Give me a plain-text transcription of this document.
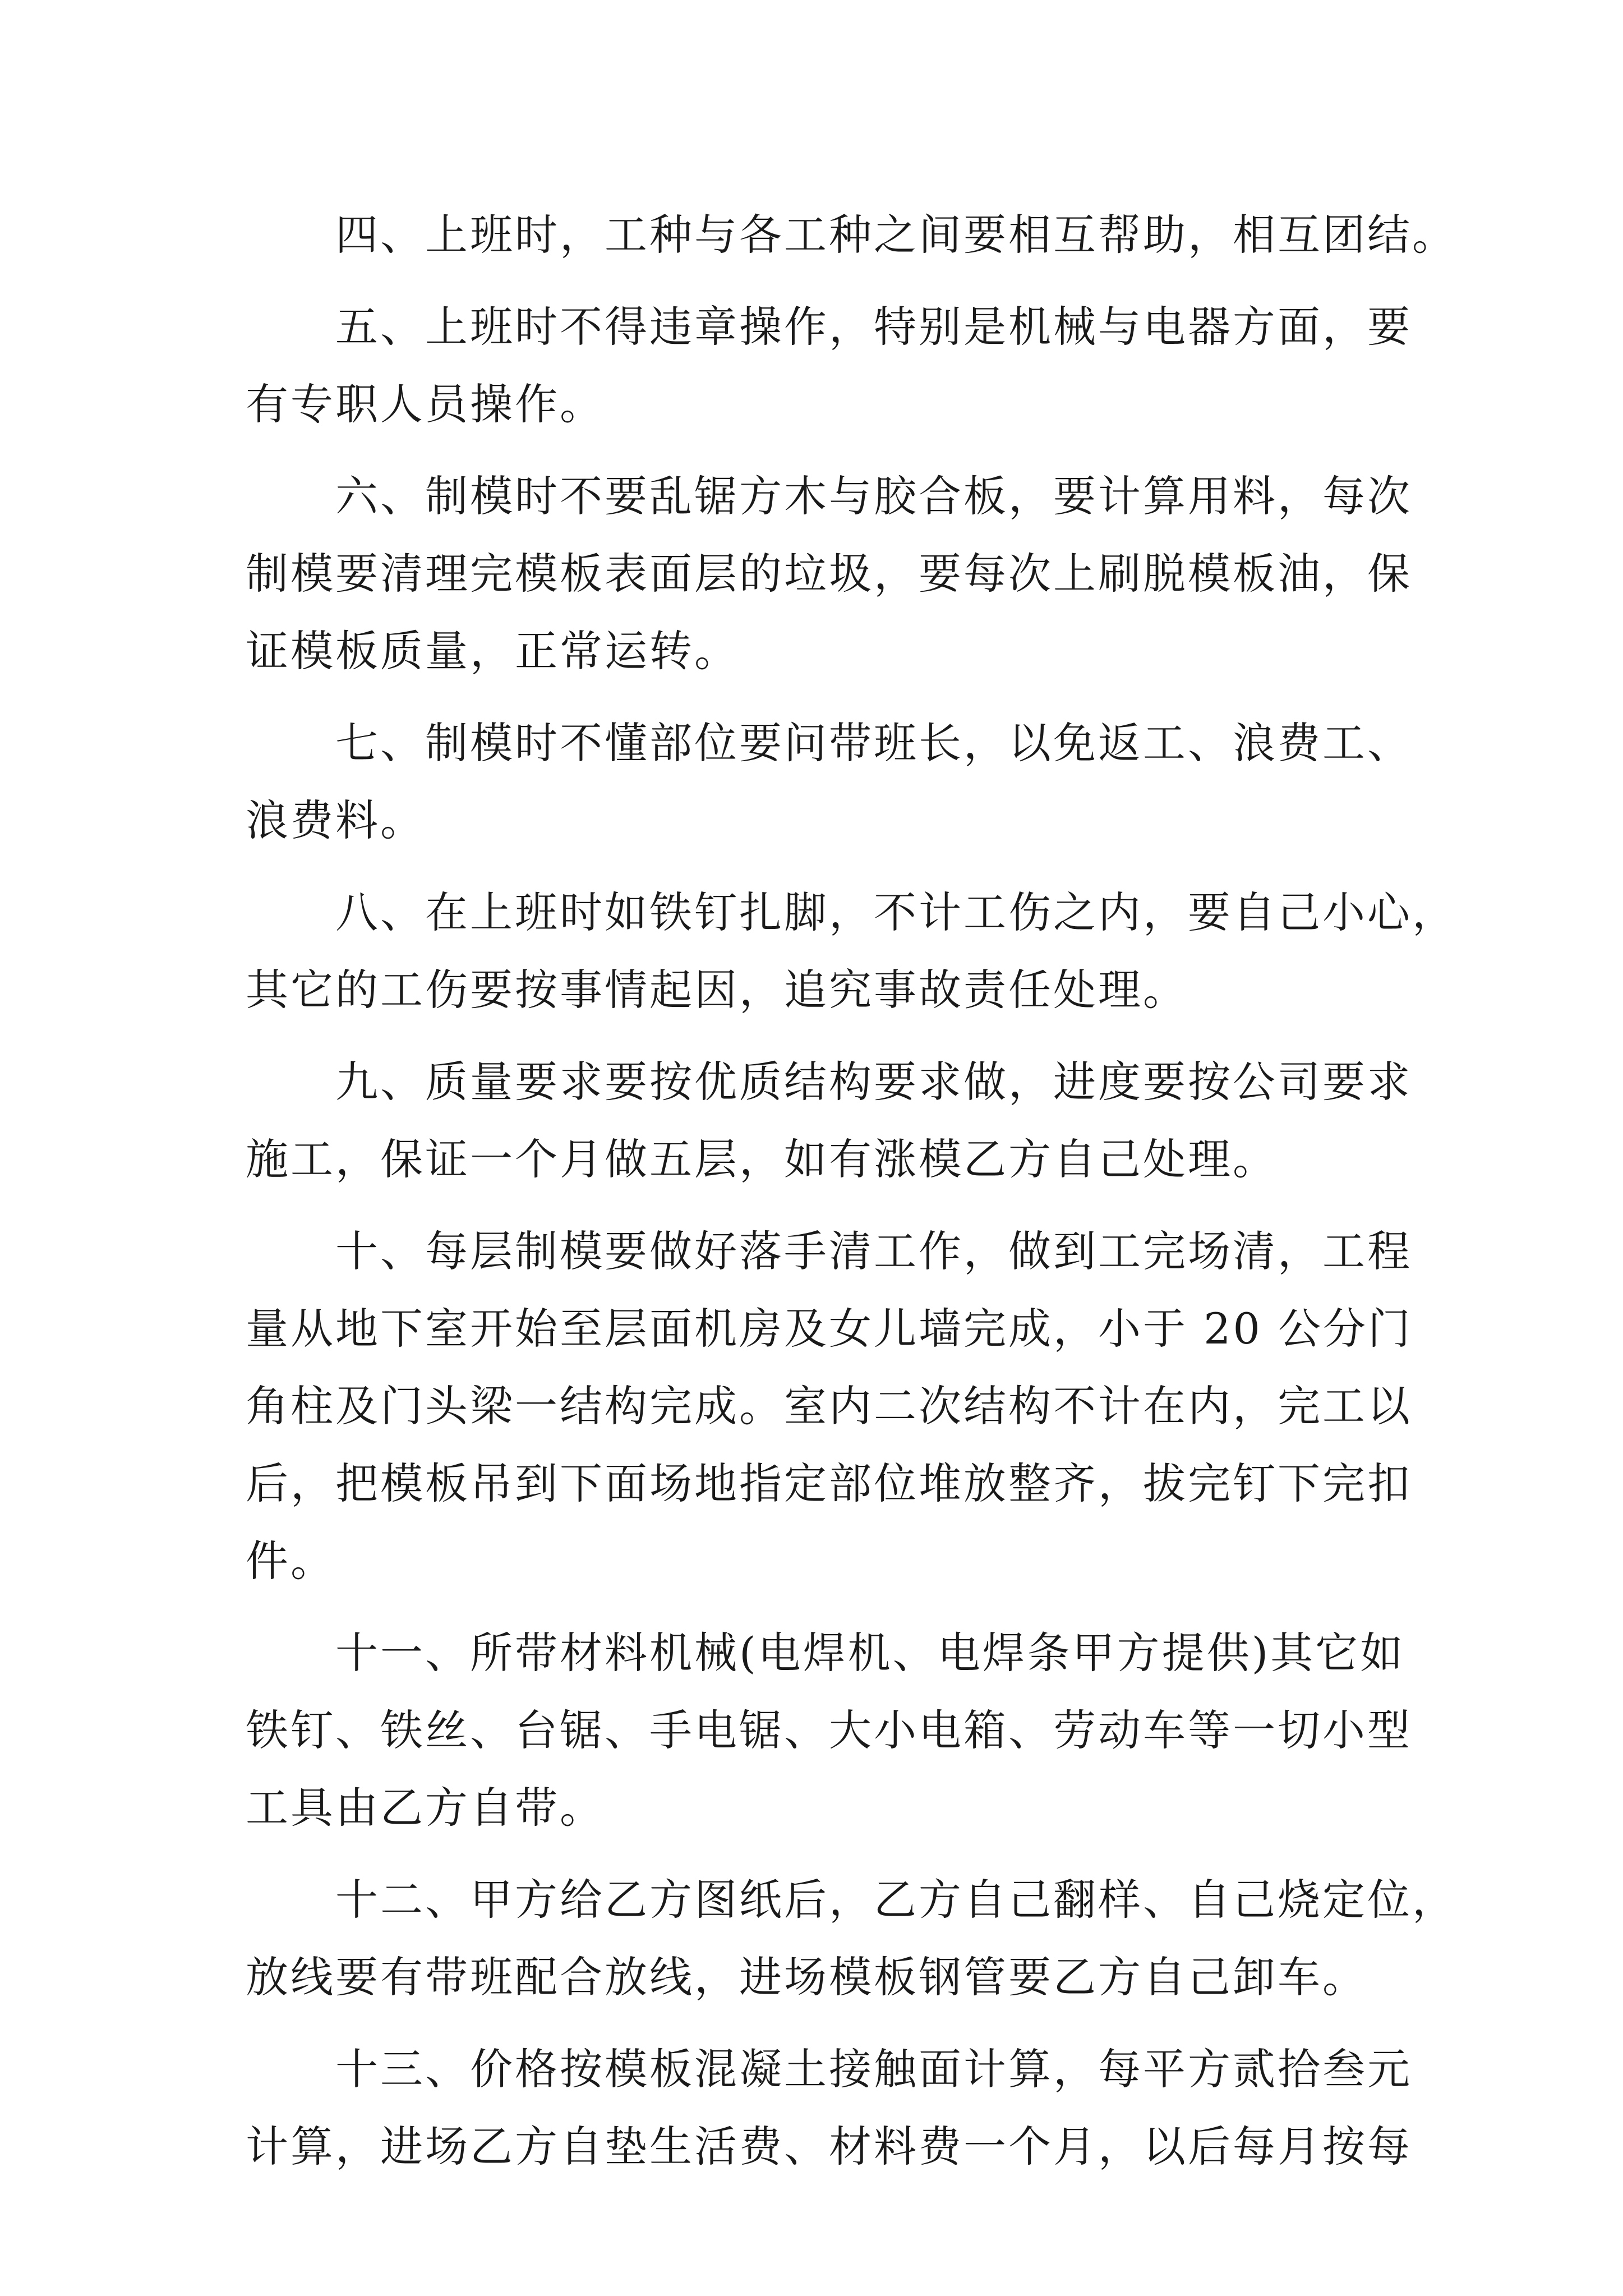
四、上班时，工种与各工种之间要相互帮助，相互团结。
五、上班时不得违章操作，特别是机械与电器方面，要
有专职人员操作。
六、制模时不要乱锯方木与胶合板，要计算用料，每次
制模要清理完模板表面层的垃圾，要每次上刷脱模板油，保
证模板质量，正常运转。
七、制模时不懂部位要问带班长，以免返工、浪费工、
浪费料。
八、在上班时如铁钉扎脚，不计工伤之内，要自己小心，
其它的工伤要按事情起因，追究事故责任处理。
九、质量要求要按优质结构要求做，进度要按公司要求
施工，保证一个月做五层，如有涨模乙方自己处理。
十、每层制模要做好落手清工作，做到工完场清，工程
量从地下室开始至层面机房及女儿墙完成，小于 20 公分门
角柱及门头梁一结构完成。室内二次结构不计在内，完工以
后，把模板吊到下面场地指定部位堆放整齐，拔完钉下完扣
件。
十一、所带材料机械(电焊机、电焊条甲方提供)其它如
铁钉、铁丝、台锯、手电锯、大小电箱、劳动车等一切小型
工具由乙方自带。
十二、甲方给乙方图纸后，乙方自己翻样、自己烧定位，
放线要有带班配合放线，进场模板钢管要乙方自己卸车。
十三、价格按模板混凝土接触面计算，每平方贰拾叁元
计算，进场乙方自垫生活费、材料费一个月，以后每月按每
